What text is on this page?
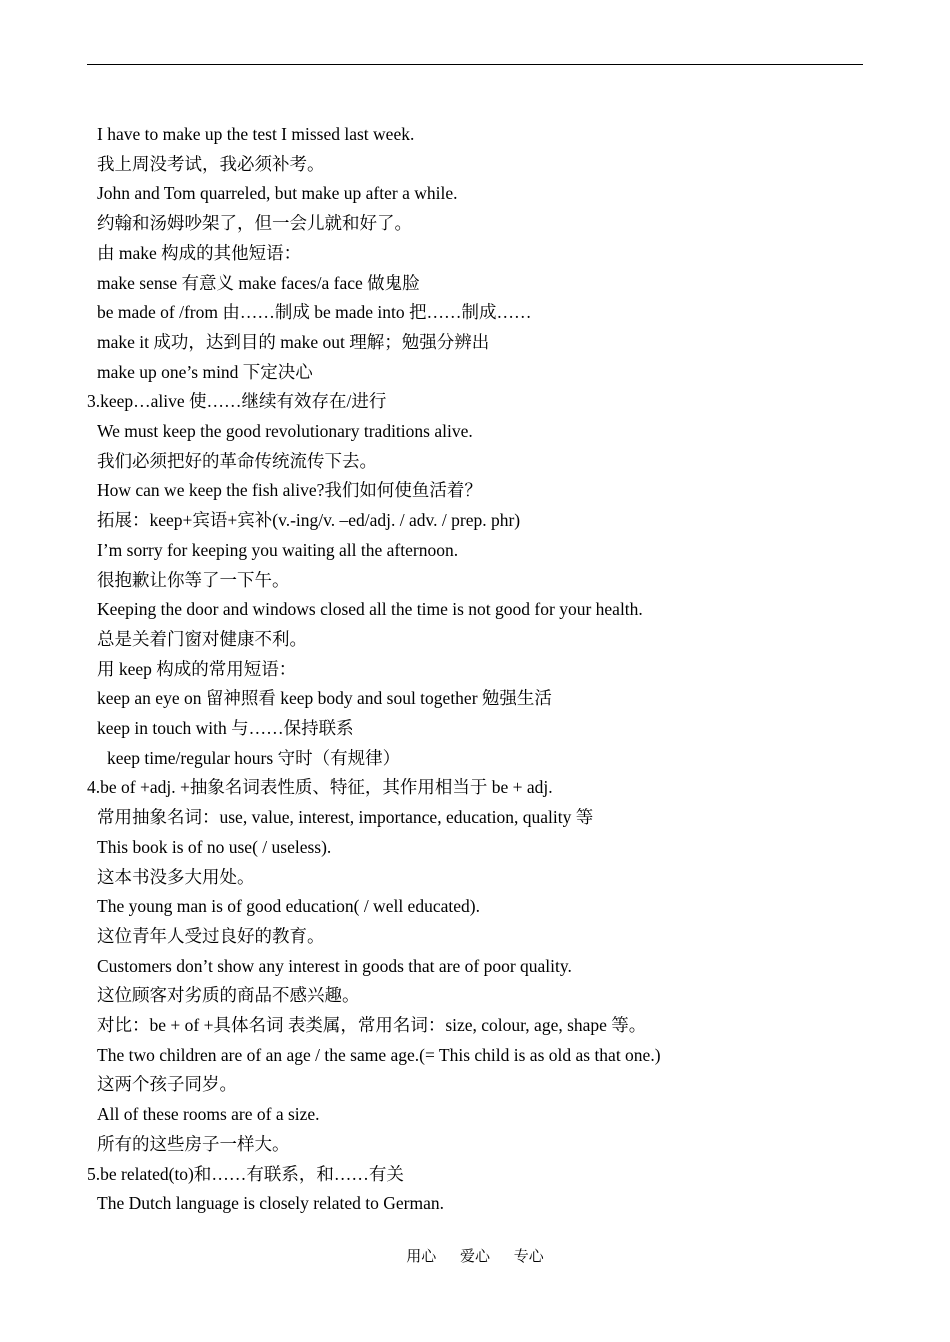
I have to make up the test I missed last week.
我上周没考试，我必须补考。
John and Tom quarreled, but make up after a while.
约翰和汤姆吵架了，但一会儿就和好了。
由 make 构成的其他短语：
make sense 有意义 make faces/a face 做鬼脸
be made of /from 由……制成 be made into 把……制成……
make it 成功，达到目的 make out 理解；勉强分辨出
make up one’s mind 下定决心
3.keep…alive 使……继续有效存在/进行
We must keep the good revolutionary traditions alive.
我们必须把好的革命传统流传下去。
How can we keep the fish alive?我们如何使鱼活着？
拓展：keep+宾语+宾补(v.-ing/v. –ed/adj. / adv. / prep. phr)
I’m sorry for keeping you waiting all the afternoon.
很抱歉让你等了一下午。
Keeping the door and windows closed all the time is not good for your health.
总是关着门窗对健康不利。
用 keep 构成的常用短语：
keep an eye on 留神照看 keep body and soul together 勉强生活
keep in touch with 与……保持联系
keep time/regular hours 守时（有规律）
4.be of +adj. +抽象名词表性质、特征，其作用相当于 be + adj.
常用抽象名词：use, value, interest, importance, education, quality 等
This book is of no use( / useless).
这本书没多大用处。
The young man is of good education( / well educated).
这位青年人受过良好的教育。
Customers don’t show any interest in goods that are of poor quality.
这位顾客对劣质的商品不感兴趣。
对比：be + of +具体名词 表类属，常用名词：size, colour, age, shape 等。
The two children are of an age / the same age.(= This child is as old as that one.)
这两个孩子同岁。
All of these rooms are of a size.
所有的这些房子一样大。
5.be related(to)和……有联系，和……有关
The Dutch language is closely related to German.
用心 爱心 专心
